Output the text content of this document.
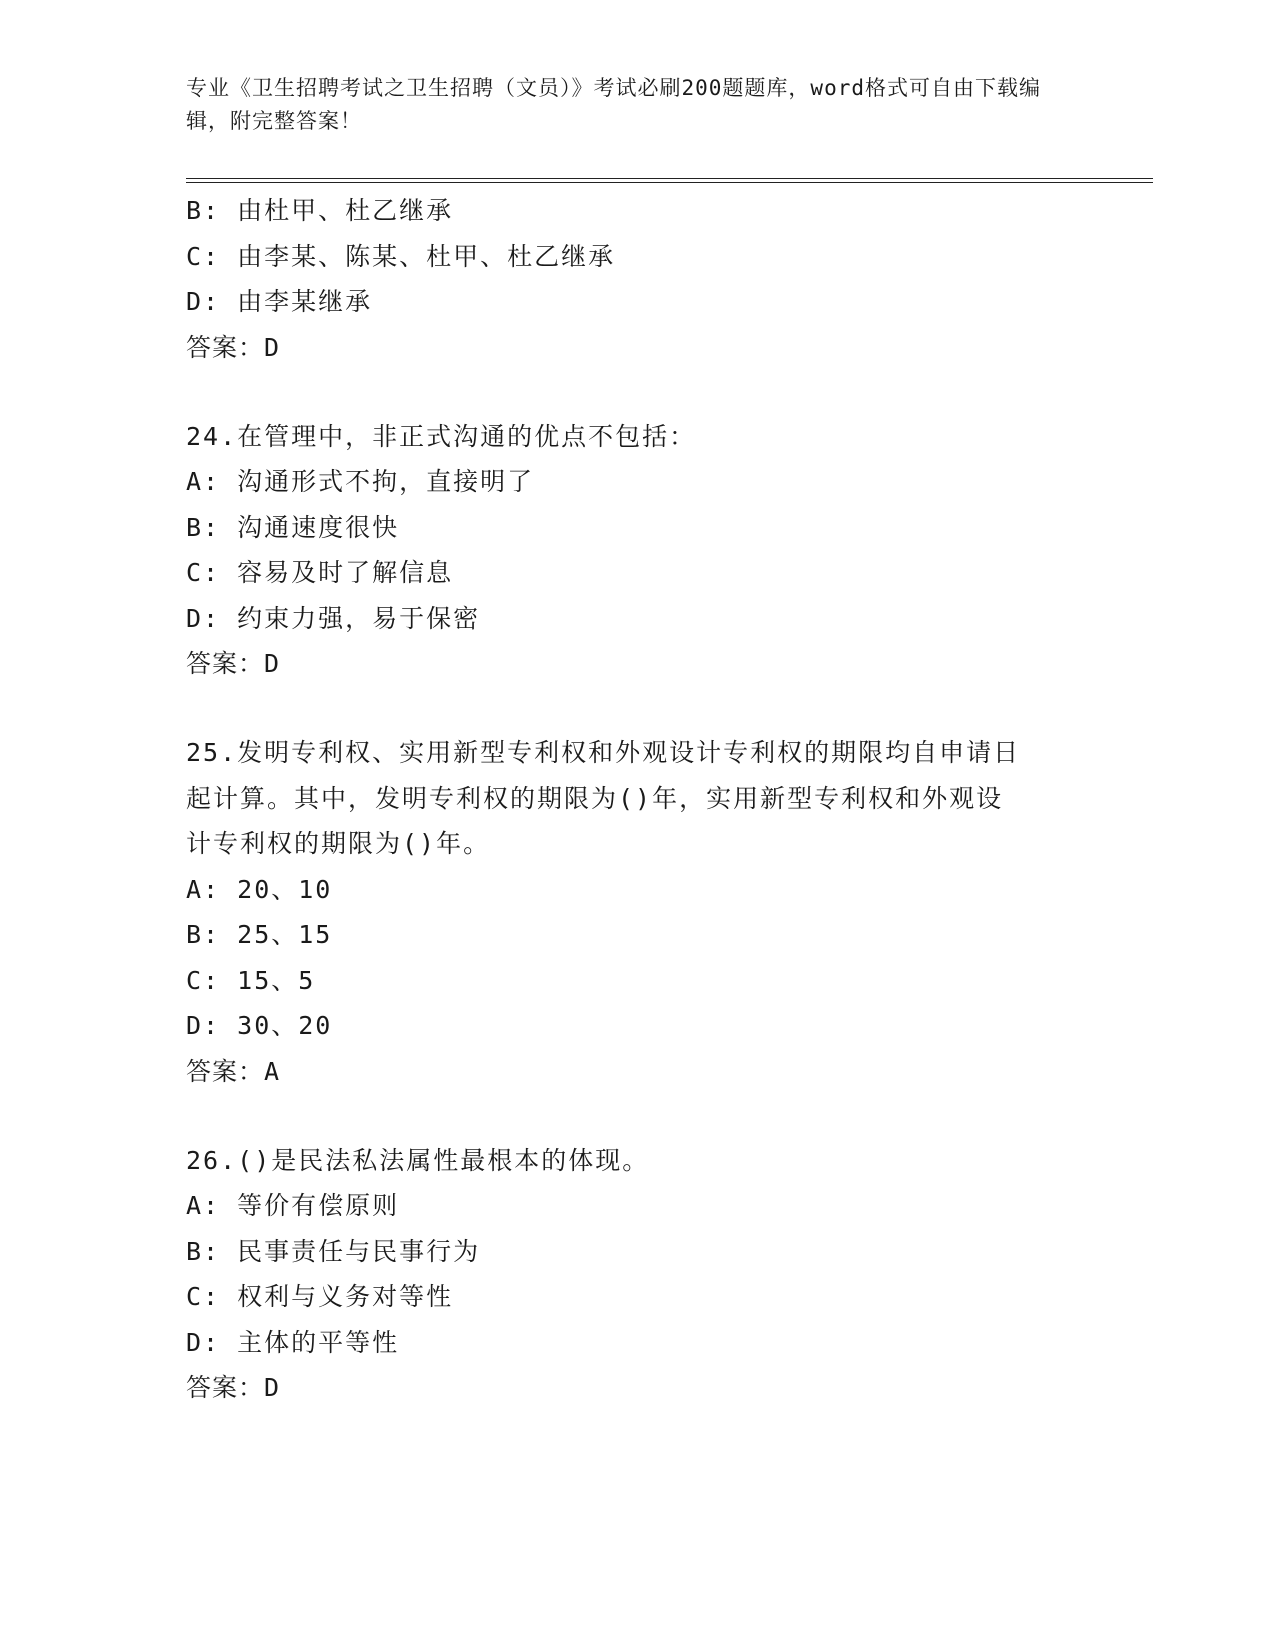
专业《卫生招聘考试之卫生招聘（文员）》考试必刷200题题库，word格式可自由下载编辑，附完整答案！
B: 由杜甲、杜乙继承
C: 由李某、陈某、杜甲、杜乙继承
D: 由李某继承
答案：D
24.在管理中，非正式沟通的优点不包括：
A: 沟通形式不拘，直接明了
B: 沟通速度很快
C: 容易及时了解信息
D: 约束力强，易于保密
答案：D
25.发明专利权、实用新型专利权和外观设计专利权的期限均自申请日
起计算。其中，发明专利权的期限为()年，实用新型专利权和外观设
计专利权的期限为()年。
A: 20、10
B: 25、15
C: 15、5
D: 30、20
答案：A
26.()是民法私法属性最根本的体现。
A: 等价有偿原则
B: 民事责任与民事行为
C: 权利与义务对等性
D: 主体的平等性
答案：D
